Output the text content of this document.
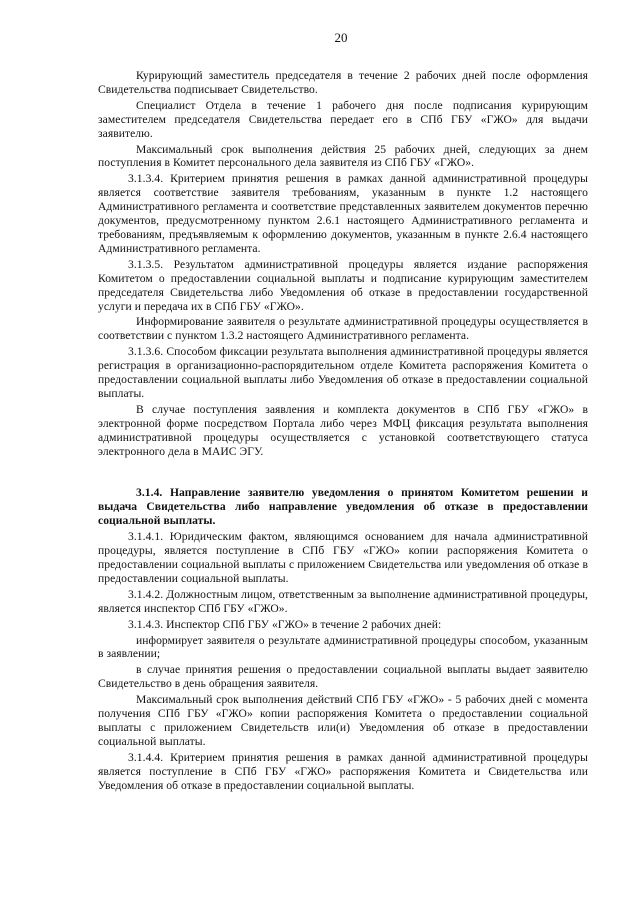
20

Курирующий заместитель председателя в течение 2 рабочих дней после оформления Свидетельства подписывает Свидетельство.

Специалист Отдела в течение 1 рабочего дня после подписания курирующим заместителем председателя Свидетельства передает его в СПб ГБУ «ГЖО» для выдачи заявителю.

Максимальный срок выполнения действия 25 рабочих дней, следующих за днем поступления в Комитет персонального дела заявителя из СПб ГБУ «ГЖО».

3.1.3.4. Критерием принятия решения в рамках данной административной процедуры является соответствие заявителя требованиям, указанным в пункте 1.2 настоящего Административного регламента и соответствие представленных заявителем документов перечню документов, предусмотренному пунктом 2.6.1 настоящего Административного регламента и требованиям, предъявляемым к оформлению документов, указанным в пункте 2.6.4 настоящего Административного регламента.

3.1.3.5. Результатом административной процедуры является издание распоряжения Комитетом о предоставлении социальной выплаты и подписание курирующим заместителем председателя Свидетельства либо Уведомления об отказе в предоставлении государственной услуги и передача их в СПб ГБУ «ГЖО».

Информирование заявителя о результате административной процедуры осуществляется в соответствии с пунктом 1.3.2 настоящего Административного регламента.

3.1.3.6. Способом фиксации результата выполнения административной процедуры является регистрация в организационно-распорядительном отделе Комитета распоряжения Комитета о предоставлении социальной выплаты либо Уведомления об отказе в предоставлении социальной выплаты.

В случае поступления заявления и комплекта документов в СПб ГБУ «ГЖО» в электронной форме посредством Портала либо через МФЦ фиксация результата выполнения административной процедуры осуществляется с установкой соответствующего статуса электронного дела в МАИС ЭГУ.

3.1.4. Направление заявителю уведомления о принятом Комитетом решении и выдача Свидетельства либо направление уведомления об отказе в предоставлении социальной выплаты.

3.1.4.1. Юридическим фактом, являющимся основанием для начала административной процедуры, является поступление в СПб ГБУ «ГЖО» копии распоряжения Комитета о предоставлении социальной выплаты с приложением Свидетельства или уведомления об отказе в предоставлении социальной выплаты.

3.1.4.2. Должностным лицом, ответственным за выполнение административной процедуры, является инспектор СПб ГБУ «ГЖО».

3.1.4.3. Инспектор СПб ГБУ «ГЖО» в течение 2 рабочих дней:

информирует заявителя о результате административной процедуры способом, указанным в заявлении;

в случае принятия решения о предоставлении социальной выплаты выдает заявителю Свидетельство в день обращения заявителя.

Максимальный срок выполнения действий СПб ГБУ «ГЖО» - 5 рабочих дней с момента получения СПб ГБУ «ГЖО» копии распоряжения Комитета о предоставлении социальной выплаты с приложением Свидетельств или(и) Уведомления об отказе в предоставлении социальной выплаты.

3.1.4.4. Критерием принятия решения в рамках данной административной процедуры является поступление в СПб ГБУ «ГЖО» распоряжения Комитета и Свидетельства или Уведомления об отказе в предоставлении социальной выплаты.
